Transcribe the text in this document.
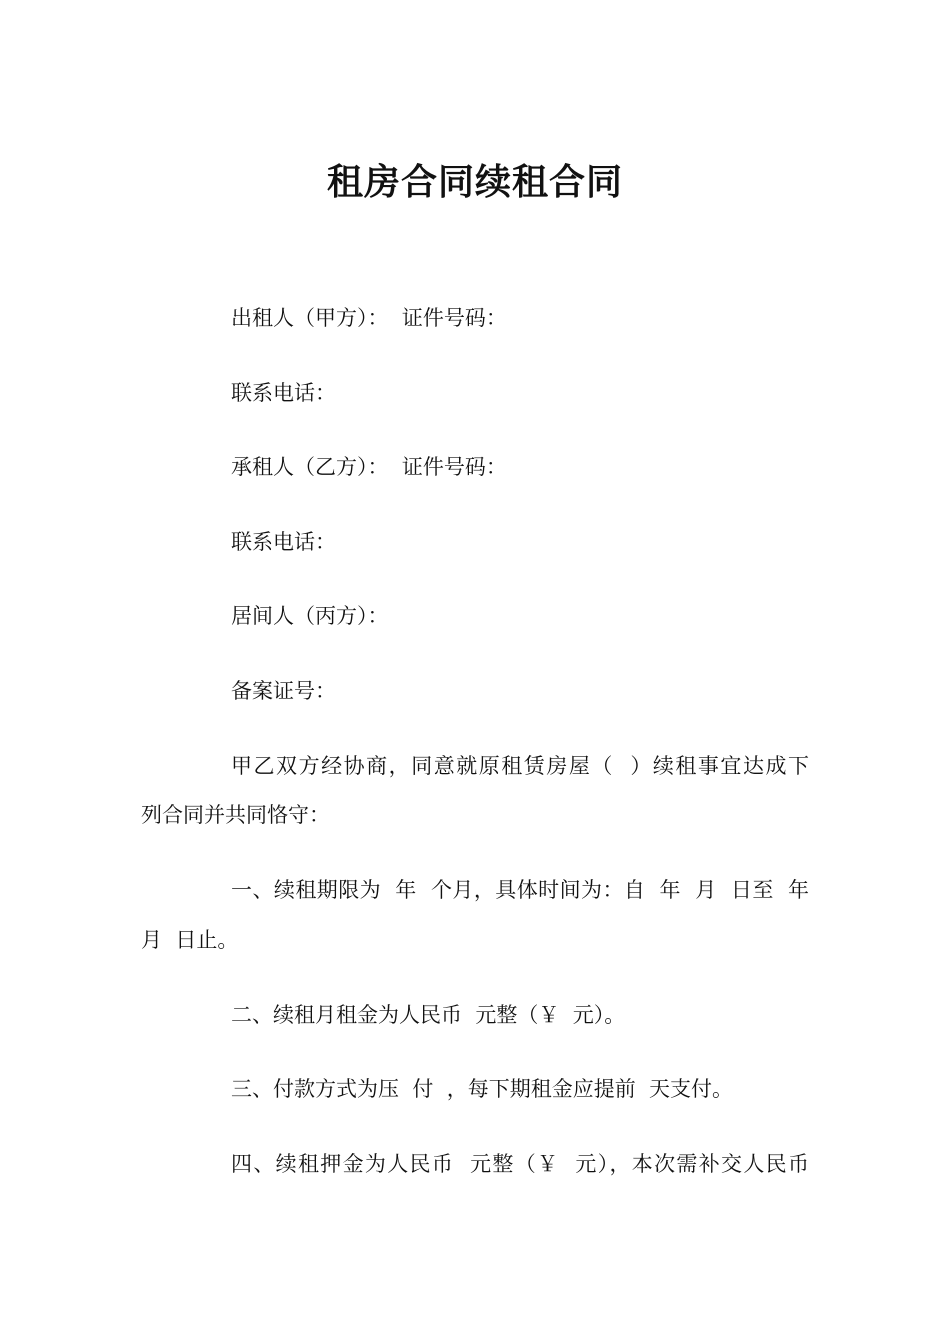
租房合同续租合同
出租人（甲方）：  证件号码：
联系电话：
承租人（乙方）：  证件号码：
联系电话：
居间人（丙方）：
备案证号：
甲乙双方经协商，同意就原租赁房屋（  ）续租事宜达成下
列合同并共同恪守：
一、续租期限为  年  个月，具体时间为：自  年  月  日至  年
月  日止。
二、续租月租金为人民币  元整（￥  元）。
三、付款方式为压  付  ，每下期租金应提前  天支付。
四、续租押金为人民币  元整（￥  元），本次需补交人民币
